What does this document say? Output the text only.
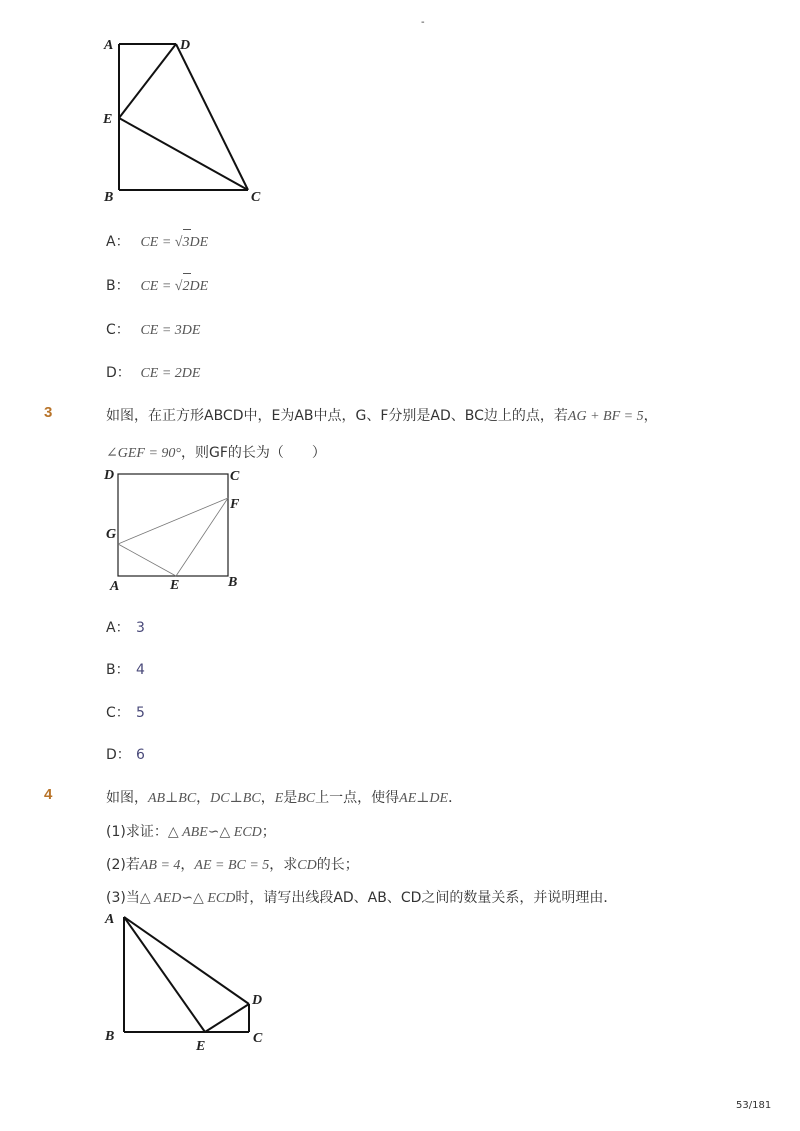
-
A	D
E
B	C
A： CE = √
3DE
B： CE = √
2DE
C： CE = 3DE
D： CE = 2DE
3	如图，在正方形ABCD中，E为AB中点，G、F分别是AD、BC边上的点，若AG + BF = 5，
∠GEF = 90°，则GF的长为（　　）
D	C
F
G
A	E	B
A： 3
B： 4
C： 5
D： 6
4	如图，AB⊥BC，DC⊥BC，E是BC上一点，使得AE⊥DE．
(1)求证：△ ABE∽△ ECD；
(2)若AB = 4，AE = BC = 5，求CD的长；
(3)当△ AED∽△ ECD时，请写出线段AD、AB、CD之间的数量关系，并说明理由．
A
D
B
E
C
53/181
